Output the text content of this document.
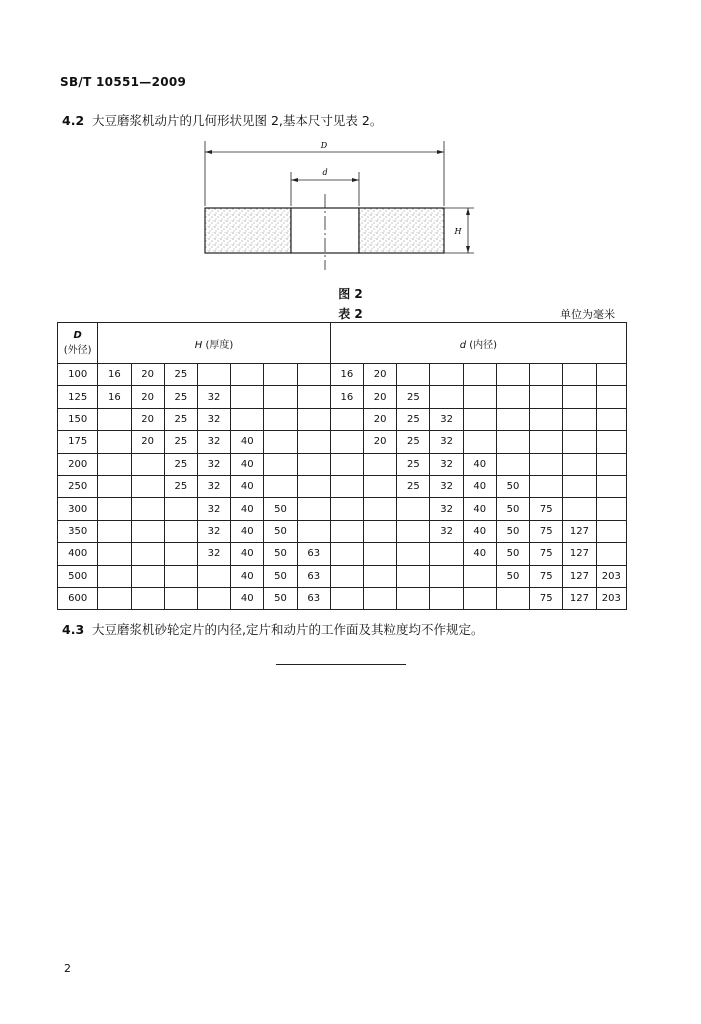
SB/T 10551—2009
4.2 大豆磨浆机动片的几何形状见图 2,基本尺寸见表 2。
D
d
H
图 2
表 2	单位为毫米
D
(外径)	H (厚度)							d (内径)								
100	16	20	25					16	20							
125	16	20	25	32				16	20	25						
150		20	25	32					20	25	32					
175		20	25	32	40				20	25	32					
200			25	32	40					25	32	40				
250			25	32	40					25	32	40	50			
300				32	40	50					32	40	50	75		
350				32	40	50					32	40	50	75	127	
400				32	40	50	63					40	50	75	127	
500					40	50	63						50	75	127	203
600					40	50	63							75	127	203
4.3 大豆磨浆机砂轮定片的内径,定片和动片的工作面及其粒度均不作规定。
2
